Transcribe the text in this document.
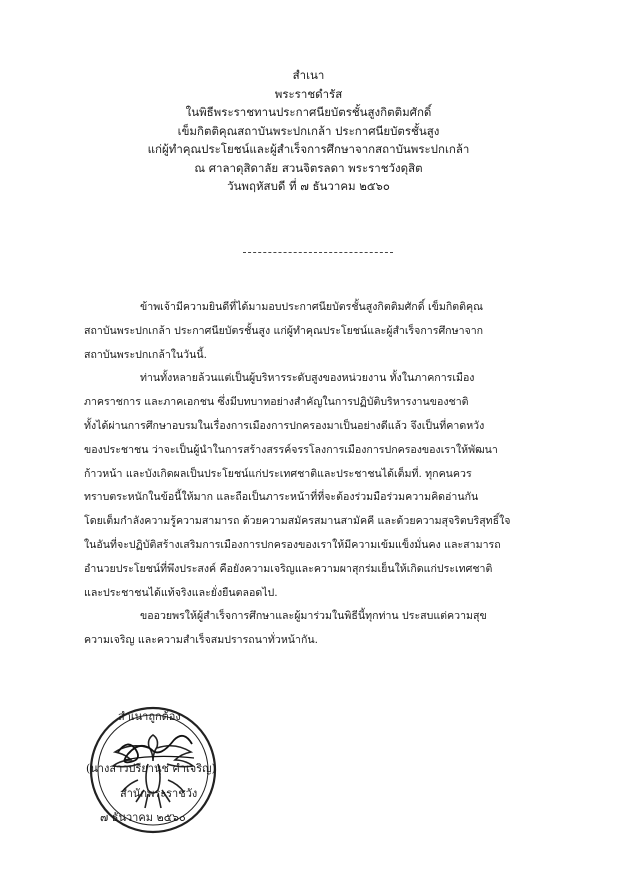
สำเนา
พระราชดำรัส
ในพิธีพระราชทานประกาศนียบัตรชั้นสูงกิตติมศักดิ์
เข็มกิตติคุณสถาบันพระปกเกล้า ประกาศนียบัตรชั้นสูง
แก่ผู้ทำคุณประโยชน์และผู้สำเร็จการศึกษาจากสถาบันพระปกเกล้า
ณ ศาลาดุสิดาลัย สวนจิตรลดา พระราชวังดุสิต
วันพฤหัสบดี ที่ ๗ ธันวาคม ๒๕๖๐
ข้าพเจ้ามีความยินดีที่ได้มามอบประกาศนียบัตรชั้นสูงกิตติมศักดิ์ เข็มกิตติคุณ
สถาบันพระปกเกล้า ประกาศนียบัตรชั้นสูง แก่ผู้ทำคุณประโยชน์และผู้สำเร็จการศึกษาจาก
สถาบันพระปกเกล้าในวันนี้.
ท่านทั้งหลายล้วนแต่เป็นผู้บริหารระดับสูงของหน่วยงาน ทั้งในภาคการเมือง
ภาคราชการ และภาคเอกชน ซึ่งมีบทบาทอย่างสำคัญในการปฏิบัติบริหารงานของชาติ
ทั้งได้ผ่านการศึกษาอบรมในเรื่องการเมืองการปกครองมาเป็นอย่างดีแล้ว จึงเป็นที่คาดหวัง
ของประชาชน ว่าจะเป็นผู้นำในการสร้างสรรค์จรรโลงการเมืองการปกครองของเราให้พัฒนา
ก้าวหน้า และบังเกิดผลเป็นประโยชน์แก่ประเทศชาติและประชาชนได้เต็มที่. ทุกคนควร
ทราบตระหนักในข้อนี้ให้มาก และถือเป็นภาระหน้าที่ที่จะต้องร่วมมือร่วมความคิดอ่านกัน
โดยเต็มกำลังความรู้ความสามารถ ด้วยความสมัครสมานสามัคคี และด้วยความสุจริตบริสุทธิ์ใจ
ในอันที่จะปฏิบัติสร้างเสริมการเมืองการปกครองของเราให้มีความเข้มแข็งมั่นคง และสามารถ
อำนวยประโยชน์ที่พึงประสงค์ คือยังความเจริญและความผาสุกร่มเย็นให้เกิดแก่ประเทศชาติ
และประชาชนได้แท้จริงและยั่งยืนตลอดไป.
ขออวยพรให้ผู้สำเร็จการศึกษาและผู้มาร่วมในพิธีนี้ทุกท่าน ประสบแต่ความสุข
ความเจริญ และความสำเร็จสมปรารถนาทั่วหน้ากัน.
สำเนาถูกต้อง
(นางสาวปรียานุช คำเจริญ)
สำนักพระราชวัง
๗ ธันวาคม ๒๕๖๐
